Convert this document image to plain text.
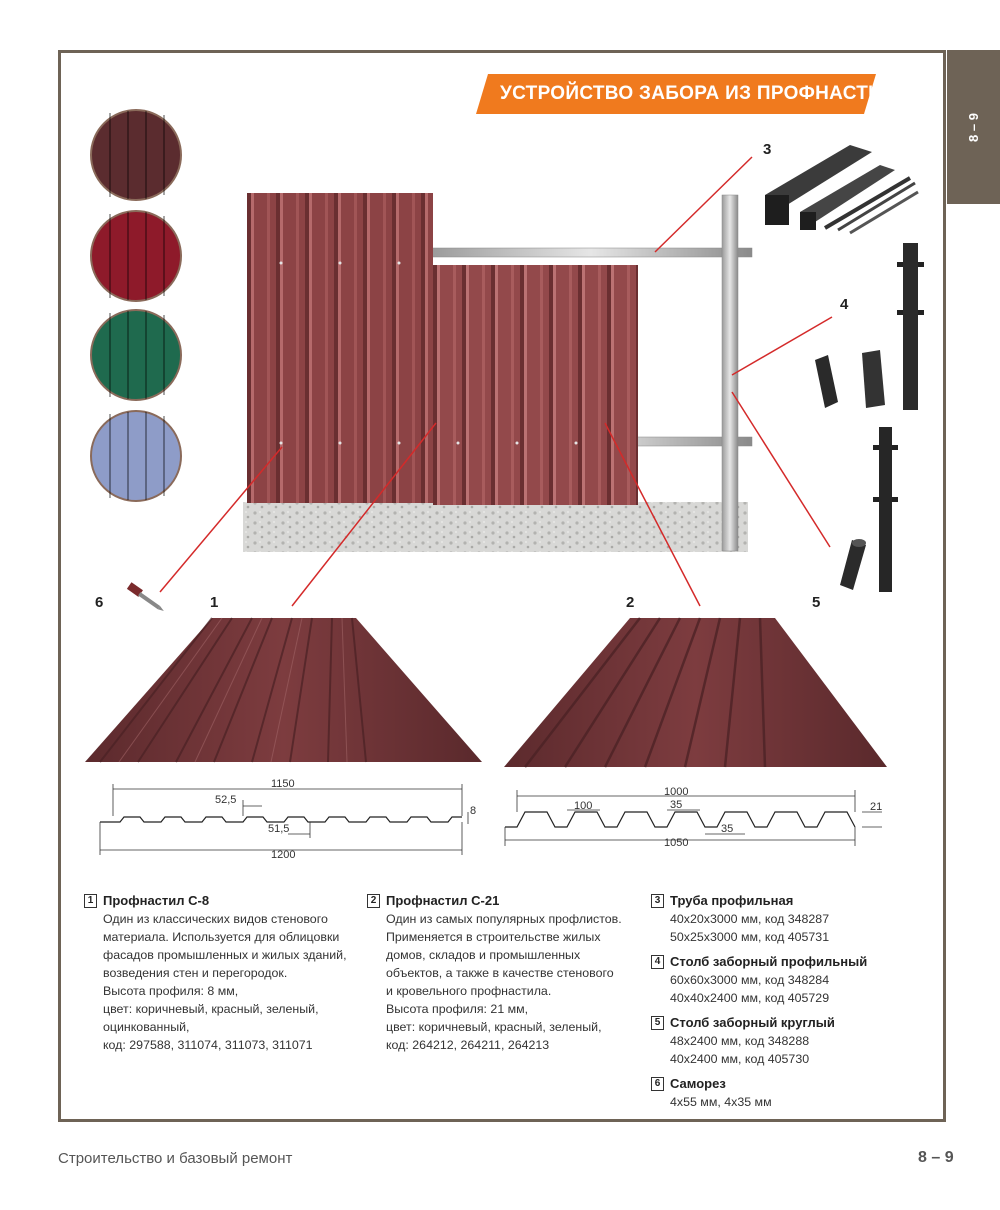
8 – 9
УСТРОЙСТВО ЗАБОРА ИЗ ПРОФНАСТИЛА
1150
52,5
51,5
1200
8
1000
100	35
35
1050
21
1	2
3
4
5
6
1 Профнастил С-8
Один из классических видов стенового
материала. Используется для облицовки
фасадов промышленных и жилых зданий,
возведения стен и перегородок.
Высота профиля: 8 мм,
цвет: коричневый, красный, зеленый,
оцинкованный,
код: 297588, 311074, 311073, 311071
2 Профнастил С-21
Один из самых популярных профлистов.
Применяется в строительстве жилых
домов, складов и промышленных
объектов, а также в качестве стенового
и кровельного профнастила.
Высота профиля: 21 мм,
цвет: коричневый, красный, зеленый,
код: 264212, 264211, 264213
3 Труба профильная
40х20х3000 мм, код 348287
50х25х3000 мм, код 405731
4 Столб заборный профильный
60х60х3000 мм, код 348284
40х40х2400 мм, код 405729
5 Столб заборный круглый
48х2400 мм, код 348288
40х2400 мм, код 405730
6 Саморез
4х55 мм, 4х35 мм
Строительство и базовый ремонт	8 – 9
